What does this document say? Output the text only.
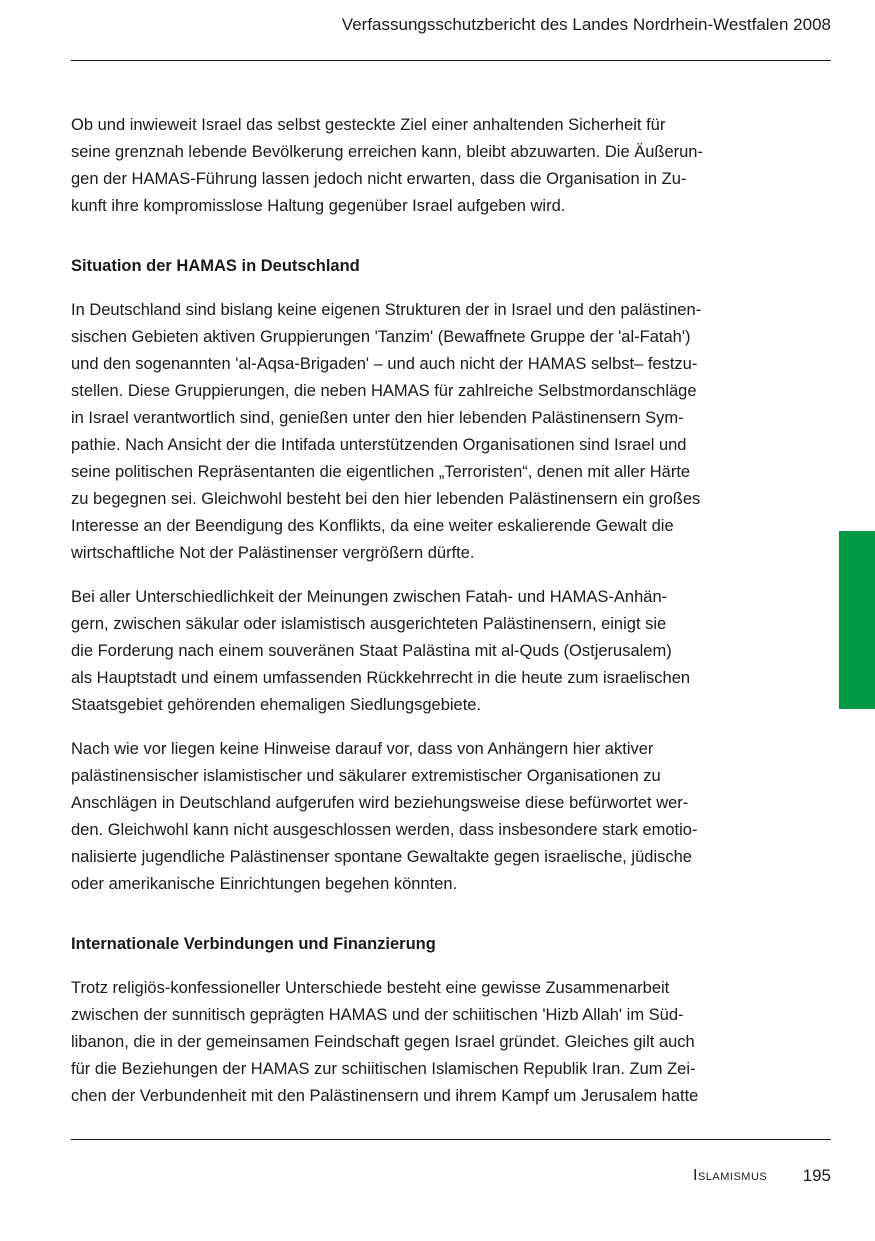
Verfassungsschutzbericht des Landes Nordrhein-Westfalen 2008

Ob und inwieweit Israel das selbst gesteckte Ziel einer anhaltenden Sicherheit für
seine grenznah lebende Bevölkerung erreichen kann, bleibt abzuwarten. Die Äußerun-
gen der HAMAS-Führung lassen jedoch nicht erwarten, dass die Organisation in Zu-
kunft ihre kompromisslose Haltung gegenüber Israel aufgeben wird.

Situation der HAMAS in Deutschland

In Deutschland sind bislang keine eigenen Strukturen der in Israel und den palästinen-
sischen Gebieten aktiven Gruppierungen 'Tanzim' (Bewaffnete Gruppe der 'al-Fatah')
und den sogenannten 'al-Aqsa-Brigaden' – und auch nicht der HAMAS selbst– festzu-
stellen. Diese Gruppierungen, die neben HAMAS für zahlreiche Selbstmordanschläge
in Israel verantwortlich sind, genießen unter den hier lebenden Palästinensern Sym-
pathie. Nach Ansicht der die Intifada unterstützenden Organisationen sind Israel und
seine politischen Repräsentanten die eigentlichen „Terroristen“, denen mit aller Härte
zu begegnen sei. Gleichwohl besteht bei den hier lebenden Palästinensern ein großes
Interesse an der Beendigung des Konflikts, da eine weiter eskalierende Gewalt die
wirtschaftliche Not der Palästinenser vergrößern dürfte.

Bei aller Unterschiedlichkeit der Meinungen zwischen Fatah- und HAMAS-Anhän-
gern, zwischen säkular oder islamistisch ausgerichteten Palästinensern, einigt sie
die Forderung nach einem souveränen Staat Palästina mit al-Quds (Ostjerusalem)
als Hauptstadt und einem umfassenden Rückkehrrecht in die heute zum israelischen
Staatsgebiet gehörenden ehemaligen Siedlungsgebiete.

Nach wie vor liegen keine Hinweise darauf vor, dass von Anhängern hier aktiver
palästinensischer islamistischer und säkularer extremistischer Organisationen zu
Anschlägen in Deutschland aufgerufen wird beziehungsweise diese befürwortet wer-
den. Gleichwohl kann nicht ausgeschlossen werden, dass insbesondere stark emotio-
nalisierte jugendliche Palästinenser spontane Gewaltakte gegen israelische, jüdische
oder amerikanische Einrichtungen begehen könnten.

Internationale Verbindungen und Finanzierung

Trotz religiös-konfessioneller Unterschiede besteht eine gewisse Zusammenarbeit
zwischen der sunnitisch geprägten HAMAS und der schiitischen 'Hizb Allah' im Süd-
libanon, die in der gemeinsamen Feindschaft gegen Israel gründet. Gleiches gilt auch
für die Beziehungen der HAMAS zur schiitischen Islamischen Republik Iran. Zum Zei-
chen der Verbundenheit mit den Palästinensern und ihrem Kampf um Jerusalem hatte

Islamismus 195
